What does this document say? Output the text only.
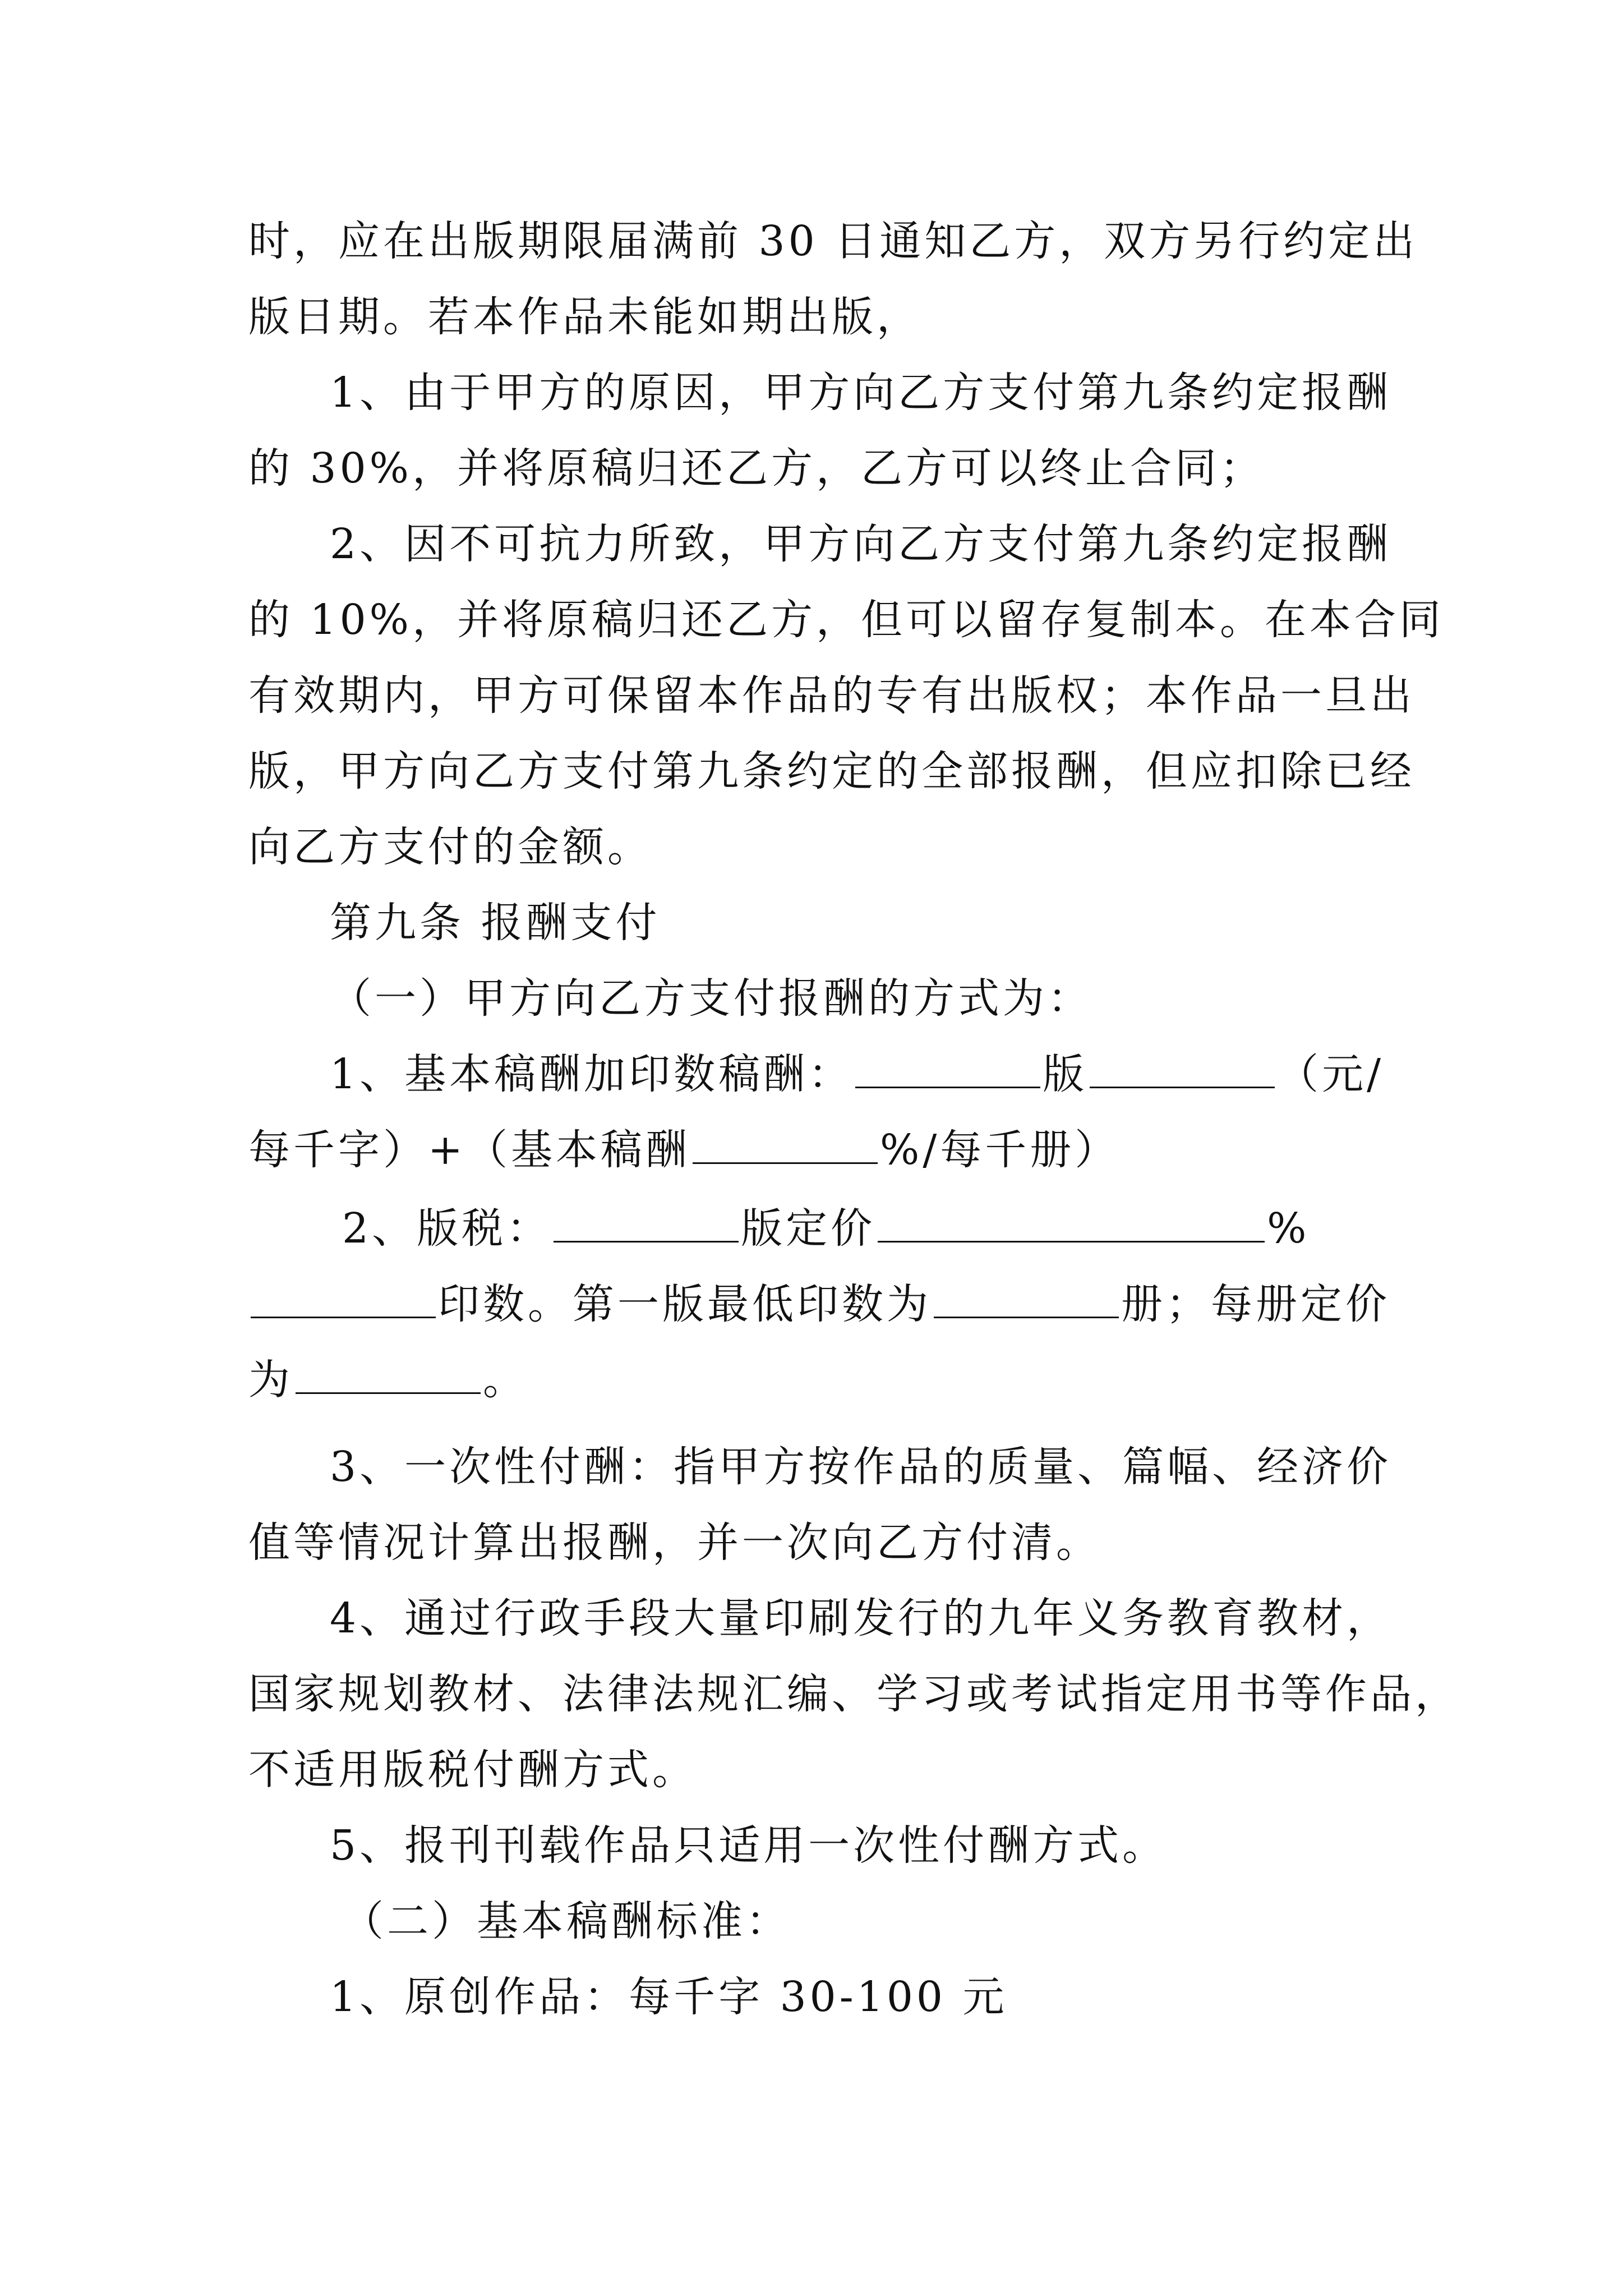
时，应在出版期限届满前 30 日通知乙方，双方另行约定出
版日期。若本作品未能如期出版，
1、由于甲方的原因，甲方向乙方支付第九条约定报酬
的 30%，并将原稿归还乙方，乙方可以终止合同；
2、因不可抗力所致，甲方向乙方支付第九条约定报酬
的 10%，并将原稿归还乙方，但可以留存复制本。在本合同
有效期内，甲方可保留本作品的专有出版权；本作品一旦出
版，甲方向乙方支付第九条约定的全部报酬，但应扣除已经
向乙方支付的金额。
第九条 报酬支付
（一）甲方向乙方支付报酬的方式为：
1、基本稿酬加印数稿酬：	版	（元/
每千字）+（基本稿酬	%/每千册）
2、版税：	版定价	%
印数。第一版最低印数为	册；每册定价
为	。
3、一次性付酬：指甲方按作品的质量、篇幅、经济价
值等情况计算出报酬，并一次向乙方付清。
4、通过行政手段大量印刷发行的九年义务教育教材，
国家规划教材、法律法规汇编、学习或考试指定用书等作品，
不适用版税付酬方式。
5、报刊刊载作品只适用一次性付酬方式。
（二）基本稿酬标准：
1、原创作品：每千字 30-100 元
